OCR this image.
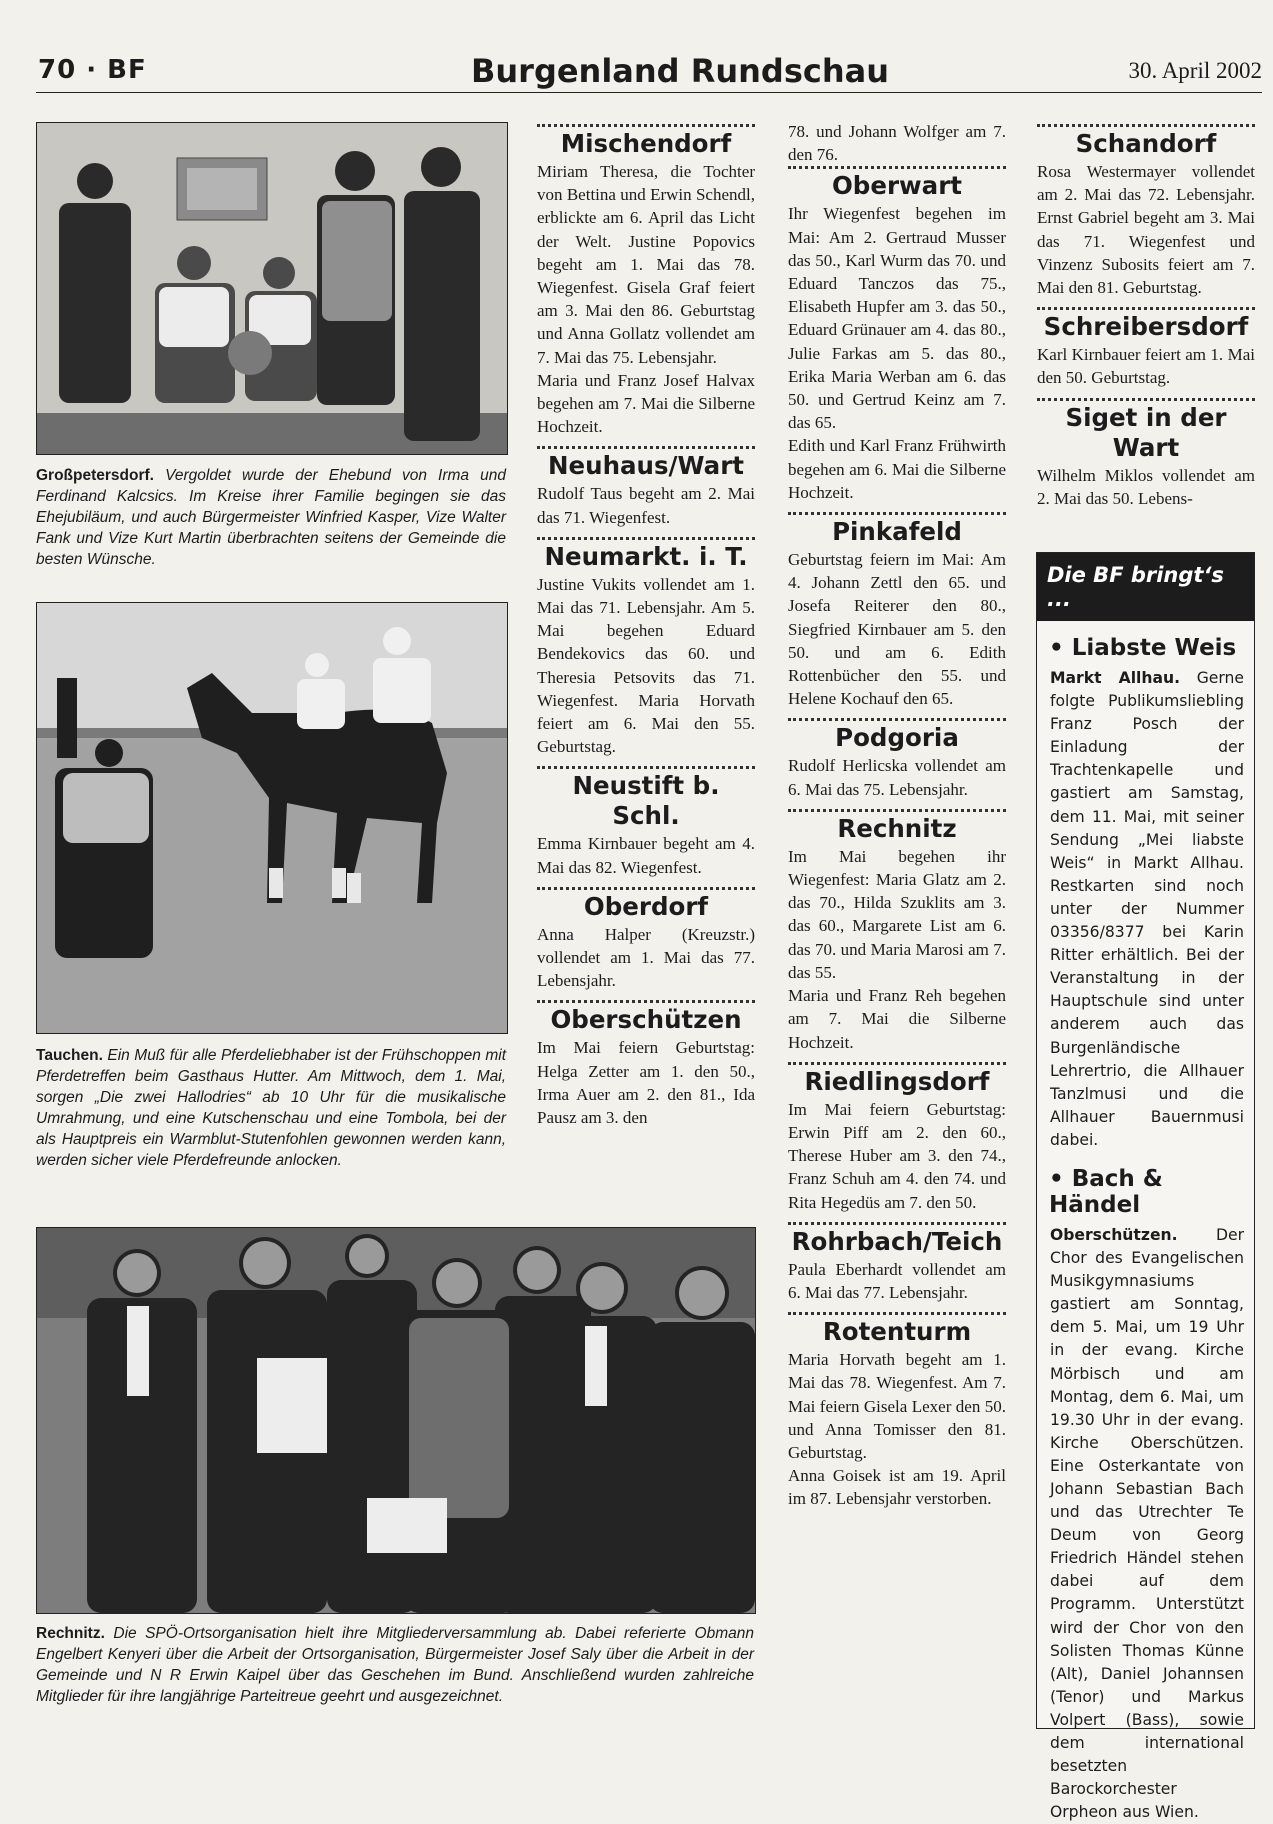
70 · BF	Burgenland Rundschau	30. April 2002
Großpetersdorf. Vergoldet wurde der Ehebund von Irma und Ferdinand Kalcsics. Im Kreise ihrer Familie begingen sie das Ehejubiläum, und auch Bürgermeister Winfried Kasper, Vize Walter Fank und Vize Kurt Martin überbrachten seitens der Gemeinde die besten Wünsche.
Tauchen. Ein Muß für alle Pferdeliebhaber ist der Frühschoppen mit Pferdetreffen beim Gasthaus Hutter. Am Mittwoch, dem 1. Mai, sorgen „Die zwei Hallodries“ ab 10 Uhr für die musikalische Umrahmung, und eine Kutschenschau und eine Tombola, bei der als Hauptpreis ein Warmblut-Stutenfohlen gewonnen werden kann, werden sicher viele Pferdefreunde anlocken.
Rechnitz. Die SPÖ-Ortsorganisation hielt ihre Mitgliederversammlung ab. Dabei referierte Obmann Engelbert Kenyeri über die Arbeit der Ortsorganisation, Bürgermeister Josef Saly über die Arbeit in der Gemeinde und N R Erwin Kaipel über das Geschehen im Bund. Anschließend wurden zahlreiche Mitglieder für ihre langjährige Parteitreue geehrt und ausgezeichnet.
Mischendorf

Miriam Theresa, die Tochter von Bettina und Erwin Schendl, erblickte am 6. April das Licht der Welt. Justine Popovics begeht am 1. Mai das 78. Wiegenfest. Gisela Graf feiert am 3. Mai den 86. Geburtstag und Anna Gollatz vollendet am 7. Mai das 75. Lebensjahr.

Maria und Franz Josef Halvax begehen am 7. Mai die Silberne Hochzeit.

Neuhaus/Wart

Rudolf Taus begeht am 2. Mai das 71. Wiegenfest.

Neumarkt. i. T.

Justine Vukits vollendet am 1. Mai das 71. Lebensjahr. Am 5. Mai begehen Eduard Bendekovics das 60. und Theresia Petsovits das 71. Wiegenfest. Maria Horvath feiert am 6. Mai den 55. Geburtstag.

Neustift b. Schl.

Emma Kirnbauer begeht am 4. Mai das 82. Wiegenfest.

Oberdorf

Anna Halper (Kreuzstr.) vollendet am 1. Mai das 77. Lebensjahr.

Oberschützen

Im Mai feiern Geburtstag: Helga Zetter am 1. den 50., Irma Auer am 2. den 81., Ida Pausz am 3. den

78. und Johann Wolfger am 7. den 76.

Oberwart

Ihr Wiegenfest begehen im Mai: Am 2. Gertraud Musser das 50., Karl Wurm das 70. und Eduard Tanczos das 75., Elisabeth Hupfer am 3. das 50., Eduard Grünauer am 4. das 80., Julie Farkas am 5. das 80., Erika Maria Werban am 6. das 50. und Gertrud Keinz am 7. das 65.

Edith und Karl Franz Frühwirth begehen am 6. Mai die Silberne Hochzeit.

Pinkafeld

Geburtstag feiern im Mai: Am 4. Johann Zettl den 65. und Josefa Reiterer den 80., Siegfried Kirnbauer am 5. den 50. und am 6. Edith Rottenbücher den 55. und Helene Kochauf den 65.

Podgoria

Rudolf Herlicska vollendet am 6. Mai das 75. Lebensjahr.

Rechnitz

Im Mai begehen ihr Wiegenfest: Maria Glatz am 2. das 70., Hilda Szuklits am 3. das 60., Margarete List am 6. das 70. und Maria Marosi am 7. das 55.

Maria und Franz Reh begehen am 7. Mai die Silberne Hochzeit.

Riedlingsdorf

Im Mai feiern Geburtstag: Erwin Piff am 2. den 60., Therese Huber am 3. den 74., Franz Schuh am 4. den 74. und Rita Hegedüs am 7. den 50.

Rohrbach/Teich

Paula Eberhardt vollendet am 6. Mai das 77. Lebensjahr.

Rotenturm

Maria Horvath begeht am 1. Mai das 78. Wiegenfest. Am 7. Mai feiern Gisela Lexer den 50. und Anna Tomisser den 81. Geburtstag.

Anna Goisek ist am 19. April im 87. Lebensjahr verstorben.

Schandorf

Rosa Westermayer vollendet am 2. Mai das 72. Lebensjahr. Ernst Gabriel begeht am 3. Mai das 71. Wiegenfest und Vinzenz Subosits feiert am 7. Mai den 81. Geburtstag.

Schreibersdorf

Karl Kirnbauer feiert am 1. Mai den 50. Geburtstag.

Siget in der Wart

Wilhelm Miklos vollendet am 2. Mai das 50. Lebens-

Die BF bringt‘s ...
• Liabste Weis

Markt Allhau. Gerne folgte Publikumsliebling Franz Posch der Einladung der Trachtenkapelle und gastiert am Samstag, dem 11. Mai, mit seiner Sendung „Mei liabste Weis“ in Markt Allhau. Restkarten sind noch unter der Nummer 03356/8377 bei Karin Ritter erhältlich. Bei der Veranstaltung in der Hauptschule sind unter anderem auch das Burgenländische Lehrertrio, die Allhauer Tanzlmusi und die Allhauer Bauernmusi dabei.

• Bach & Händel

Oberschützen. Der Chor des Evangelischen Musikgymnasiums gastiert am Sonntag, dem 5. Mai, um 19 Uhr in der evang. Kirche Mörbisch und am Montag, dem 6. Mai, um 19.30 Uhr in der evang. Kirche Oberschützen. Eine Osterkantate von Johann Sebastian Bach und das Utrechter Te Deum von Georg Friedrich Händel stehen dabei auf dem Programm. Unterstützt wird der Chor von den Solisten Thomas Künne (Alt), Daniel Johannsen (Tenor) und Markus Volpert (Bass), sowie dem international besetzten Barockorchester Orpheon aus Wien.
